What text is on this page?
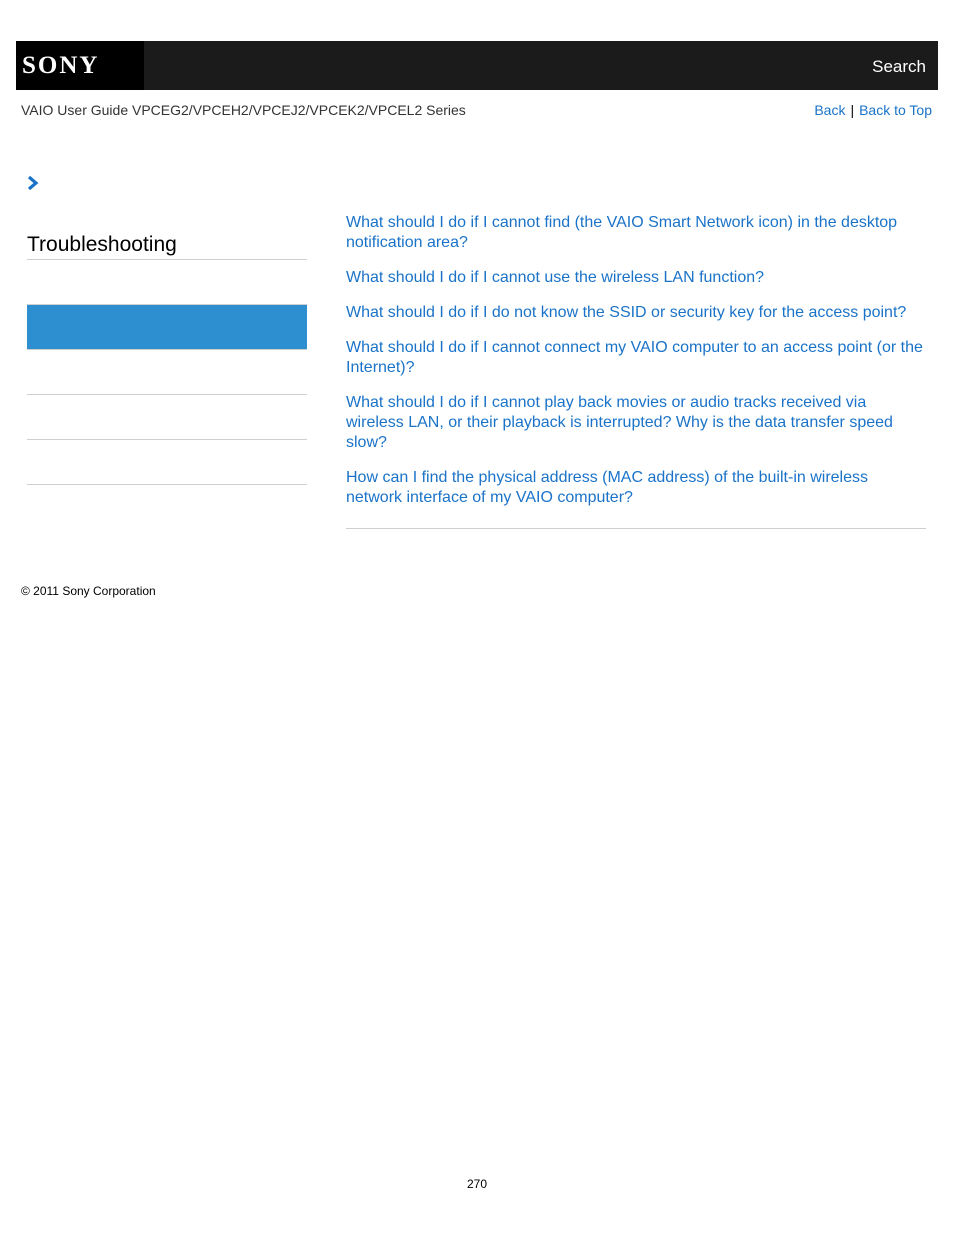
SONY	Search
VAIO User Guide VPCEG2/VPCEH2/VPCEJ2/VPCEK2/VPCEL2 Series	Back | Back to Top
Troubleshooting
What should I do if I cannot find (the VAIO Smart Network icon) in the desktop notification area?
What should I do if I cannot use the wireless LAN function?
What should I do if I do not know the SSID or security key for the access point?
What should I do if I cannot connect my VAIO computer to an access point (or the Internet)?
What should I do if I cannot play back movies or audio tracks received via wireless LAN, or their playback is interrupted? Why is the data transfer speed slow?
How can I find the physical address (MAC address) of the built-in wireless network interface of my VAIO computer?
© 2011 Sony Corporation
270
